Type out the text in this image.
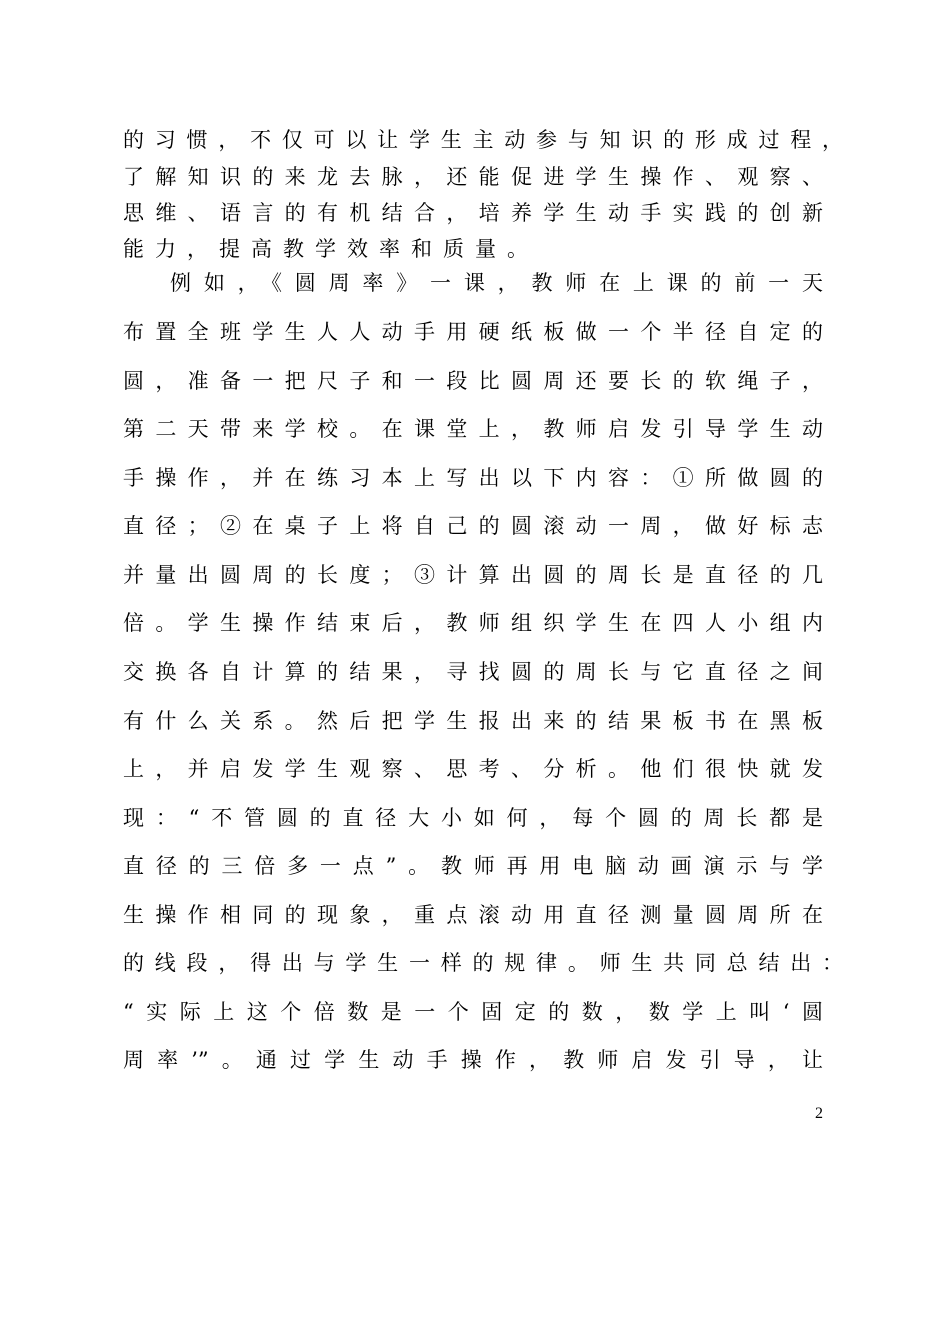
的习惯，不仅可以让学生主动参与知识的形成过程，
了解知识的来龙去脉，还能促进学生操作、观察、
思维、语言的有机结合，培养学生动手实践的创新
能力，提高教学效率和质量。
例如，《圆周率》一课，教师在上课的前一天
布置全班学生人人动手用硬纸板做一个半径自定的
圆，准备一把尺子和一段比圆周还要长的软绳子，
第二天带来学校。在课堂上，教师启发引导学生动
手操作，并在练习本上写出以下内容：①所做圆的
直径；②在桌子上将自己的圆滚动一周，做好标志
并量出圆周的长度；③计算出圆的周长是直径的几
倍。学生操作结束后，教师组织学生在四人小组内
交换各自计算的结果，寻找圆的周长与它直径之间
有什么关系。然后把学生报出来的结果板书在黑板
上，并启发学生观察、思考、分析。他们很快就发
现：“不管圆的直径大小如何，每个圆的周长都是
直径的三倍多一点”。教师再用电脑动画演示与学
生操作相同的现象，重点滚动用直径测量圆周所在
的线段，得出与学生一样的规律。师生共同总结出：
“实际上这个倍数是一个固定的数，数学上叫‘圆
周率’”。通过学生动手操作，教师启发引导，让
2
